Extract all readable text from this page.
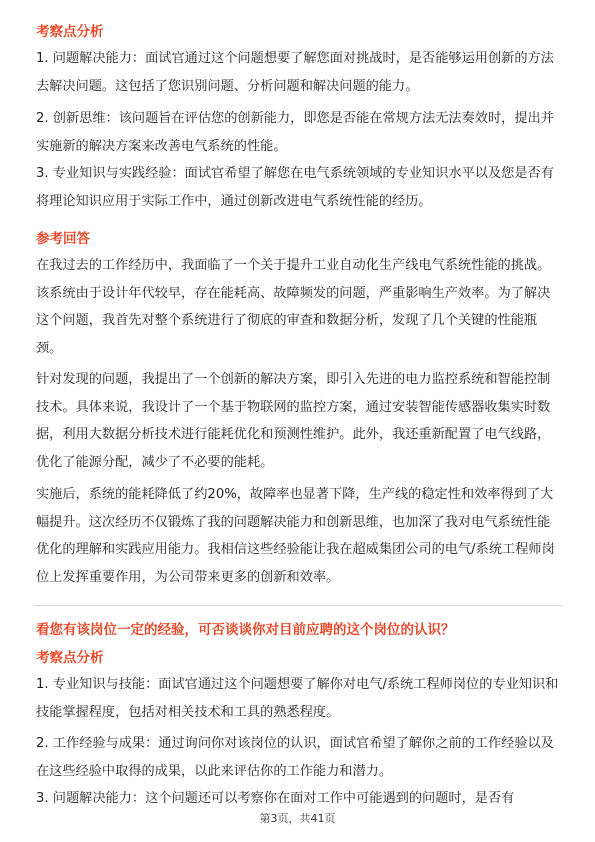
考察点分析

1. 问题解决能力：面试官通过这个问题想要了解您面对挑战时，是否能够运用创新的方法去解决问题。这包括了您识别问题、分析问题和解决问题的能力。

2. 创新思维：该问题旨在评估您的创新能力，即您是否能在常规方法无法奏效时，提出并实施新的解决方案来改善电气系统的性能。

3. 专业知识与实践经验：面试官希望了解您在电气系统领域的专业知识水平以及您是否有将理论知识应用于实际工作中，通过创新改进电气系统性能的经历。

参考回答

在我过去的工作经历中，我面临了一个关于提升工业自动化生产线电气系统性能的挑战。该系统由于设计年代较早，存在能耗高、故障频发的问题，严重影响生产效率。为了解决这个问题，我首先对整个系统进行了彻底的审查和数据分析，发现了几个关键的性能瓶颈。

针对发现的问题，我提出了一个创新的解决方案，即引入先进的电力监控系统和智能控制技术。具体来说，我设计了一个基于物联网的监控方案，通过安装智能传感器收集实时数据，利用大数据分析技术进行能耗优化和预测性维护。此外，我还重新配置了电气线路，优化了能源分配，减少了不必要的能耗。

实施后，系统的能耗降低了约20%，故障率也显著下降，生产线的稳定性和效率得到了大幅提升。这次经历不仅锻炼了我的问题解决能力和创新思维，也加深了我对电气系统性能优化的理解和实践应用能力。我相信这些经验能让我在超威集团公司的电气/系统工程师岗位上发挥重要作用，为公司带来更多的创新和效率。

看您有该岗位一定的经验，可否谈谈你对目前应聘的这个岗位的认识？
考察点分析

1. 专业知识与技能：面试官通过这个问题想要了解你对电气/系统工程师岗位的专业知识和技能掌握程度，包括对相关技术和工具的熟悉程度。

2. 工作经验与成果：通过询问你对该岗位的认识，面试官希望了解你之前的工作经验以及在这些经验中取得的成果，以此来评估你的工作能力和潜力。

3. 问题解决能力：这个问题还可以考察你在面对工作中可能遇到的问题时，是否有

第3页，共41页
